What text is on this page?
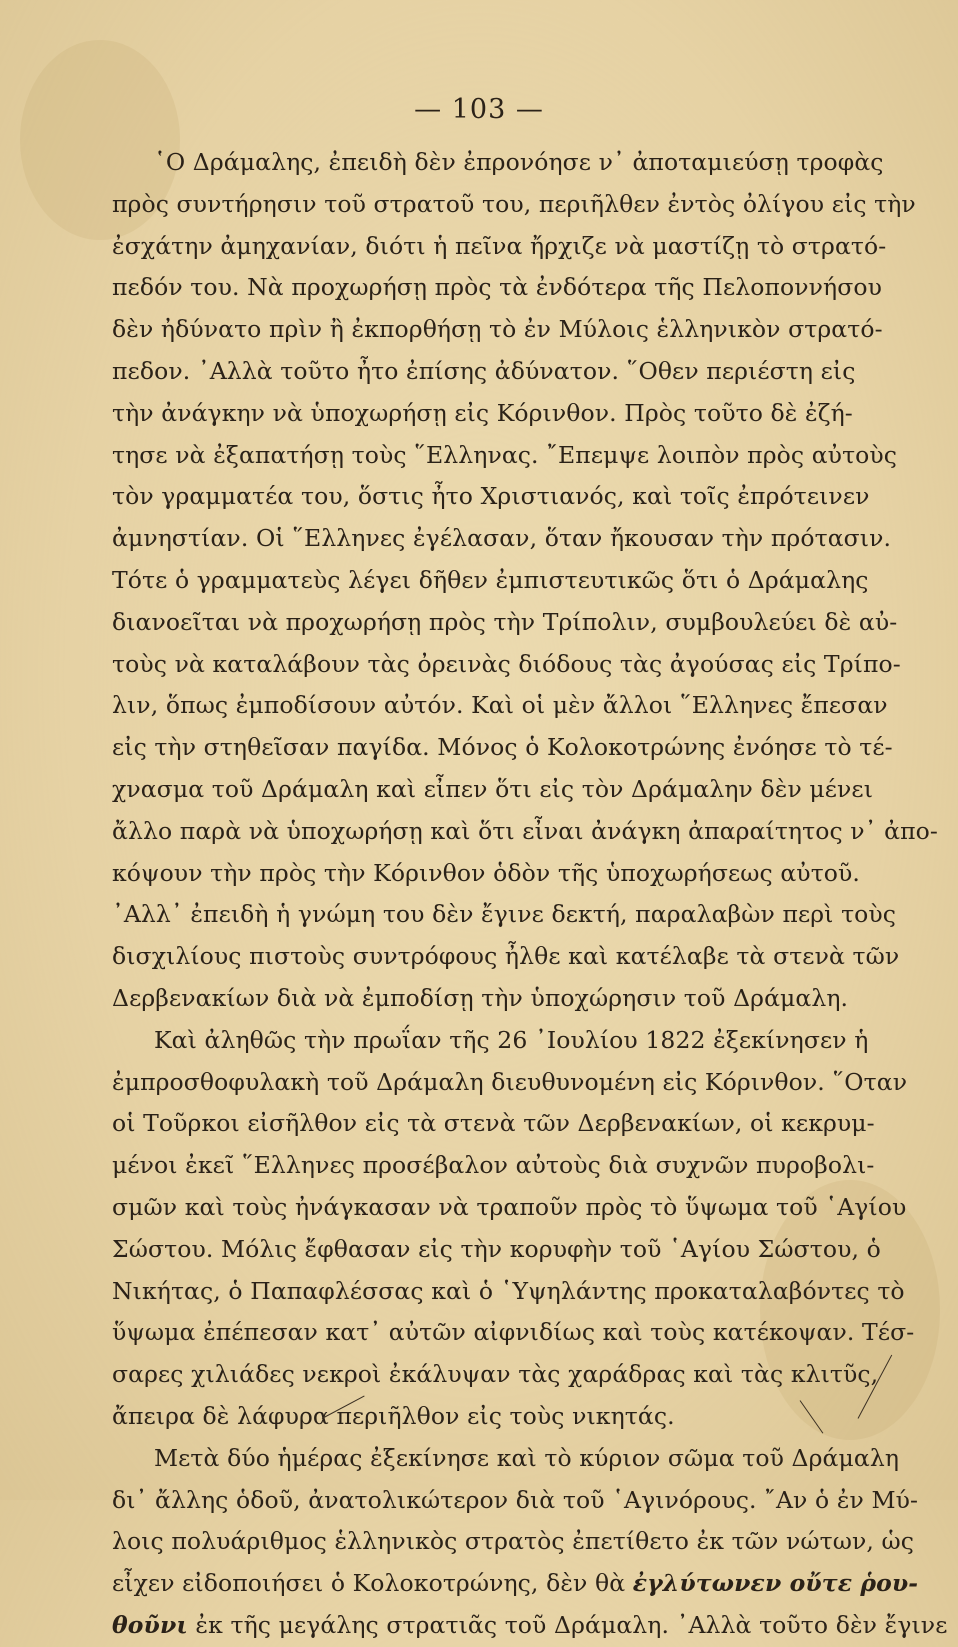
— 103 —

῾Ο Δράμαλης, ἐπειδὴ δὲν ἐπρονόησε ν᾽ ἀποταμιεύσῃ τροφὰς
πρὸς συντήρησιν τοῦ στρατοῦ του, περιῆλθεν ἐντὸς ὀλίγου εἰς τὴν
ἐσχάτην ἀμηχανίαν, διότι ἡ πεῖνα ἤρχιζε νὰ μαστίζῃ τὸ στρατό-
πεδόν του. Νὰ προχωρήσῃ πρὸς τὰ ἐνδότερα τῆς Πελοποννήσου
δὲν ἠδύνατο πρὶν ἢ ἐκπορθήσῃ τὸ ἐν Μύλοις ἑλληνικὸν στρατό-
πεδον. ᾽Αλλὰ τοῦτο ἦτο ἐπίσης ἀδύνατον. ῞Οθεν περιέστη εἰς
τὴν ἀνάγκην νὰ ὑποχωρήσῃ εἰς Κόρινθον. Πρὸς τοῦτο δὲ ἐζή-
τησε νὰ ἐξαπατήσῃ τοὺς ῞Ελληνας. ῎Επεμψε λοιπὸν πρὸς αὐτοὺς
τὸν γραμματέα του, ὅστις ἦτο Χριστιανός, καὶ τοῖς ἐπρότεινεν
ἀμνηστίαν. Οἱ ῞Ελληνες ἐγέλασαν, ὅταν ἤκουσαν τὴν πρότασιν.
Τότε ὁ γραμματεὺς λέγει δῆθεν ἐμπιστευτικῶς ὅτι ὁ Δράμαλης
διανοεῖται νὰ προχωρήσῃ πρὸς τὴν Τρίπολιν, συμβουλεύει δὲ αὐ-
τοὺς νὰ καταλάβουν τὰς ὀρεινὰς διόδους τὰς ἀγούσας εἰς Τρίπο-
λιν, ὅπως ἐμποδίσουν αὐτόν. Καὶ οἱ μὲν ἄλλοι ῞Ελληνες ἔπεσαν
εἰς τὴν στηθεῖσαν παγίδα. Μόνος ὁ Κολοκοτρώνης ἐνόησε τὸ τέ-
χνασμα τοῦ Δράμαλη καὶ εἶπεν ὅτι εἰς τὸν Δράμαλην δὲν μένει
ἄλλο παρὰ νὰ ὑποχωρήσῃ καὶ ὅτι εἶναι ἀνάγκη ἀπαραίτητος ν᾽ ἀπο-
κόψουν τὴν πρὸς τὴν Κόρινθον ὁδὸν τῆς ὑποχωρήσεως αὐτοῦ.
᾽Αλλ᾽ ἐπειδὴ ἡ γνώμη του δὲν ἔγινε δεκτή, παραλαβὼν περὶ τοὺς
δισχιλίους πιστοὺς συντρόφους ἦλθε καὶ κατέλαβε τὰ στενὰ τῶν
Δερβενακίων διὰ νὰ ἐμποδίσῃ τὴν ὑποχώρησιν τοῦ Δράμαλη.

Καὶ ἀληθῶς τὴν πρωΐαν τῆς 26 ᾽Ιουλίου 1822 ἐξεκίνησεν ἡ
ἐμπροσθοφυλακὴ τοῦ Δράμαλη διευθυνομένη εἰς Κόρινθον. ῞Οταν
οἱ Τοῦρκοι εἰσῆλθον εἰς τὰ στενὰ τῶν Δερβενακίων, οἱ κεκρυμ-
μένοι ἐκεῖ ῞Ελληνες προσέβαλον αὐτοὺς διὰ συχνῶν πυροβολι-
σμῶν καὶ τοὺς ἠνάγκασαν νὰ τραποῦν πρὸς τὸ ὕψωμα τοῦ ῾Αγίου
Σώστου. Μόλις ἔφθασαν εἰς τὴν κορυφὴν τοῦ ῾Αγίου Σώστου, ὁ
Νικήτας, ὁ Παπαφλέσσας καὶ ὁ ῾Υψηλάντης προκαταλαβόντες τὸ
ὕψωμα ἐπέπεσαν κατ᾽ αὐτῶν αἰφνιδίως καὶ τοὺς κατέκοψαν. Τέσ-
σαρες χιλιάδες νεκροὶ ἐκάλυψαν τὰς χαράδρας καὶ τὰς κλιτῦς,
ἄπειρα δὲ λάφυρα περιῆλθον εἰς τοὺς νικητάς.

Μετὰ δύο ἡμέρας ἐξεκίνησε καὶ τὸ κύριον σῶμα τοῦ Δράμαλη
δι᾽ ἄλλης ὁδοῦ, ἀνατολικώτερον διὰ τοῦ ῾Αγινόρους. ῎Αν ὁ ἐν Μύ-
λοις πολυάριθμος ἑλληνικὸς στρατὸς ἐπετίθετο ἐκ τῶν νώτων, ὡς
εἶχεν εἰδοποιήσει ὁ Κολοκοτρώνης, δὲν θὰ ἐγλύτωνεν οὔτε ῥου-
θοῦνι ἐκ τῆς μεγάλης στρατιᾶς τοῦ Δράμαλη. ᾽Αλλὰ τοῦτο δὲν ἔγινε
